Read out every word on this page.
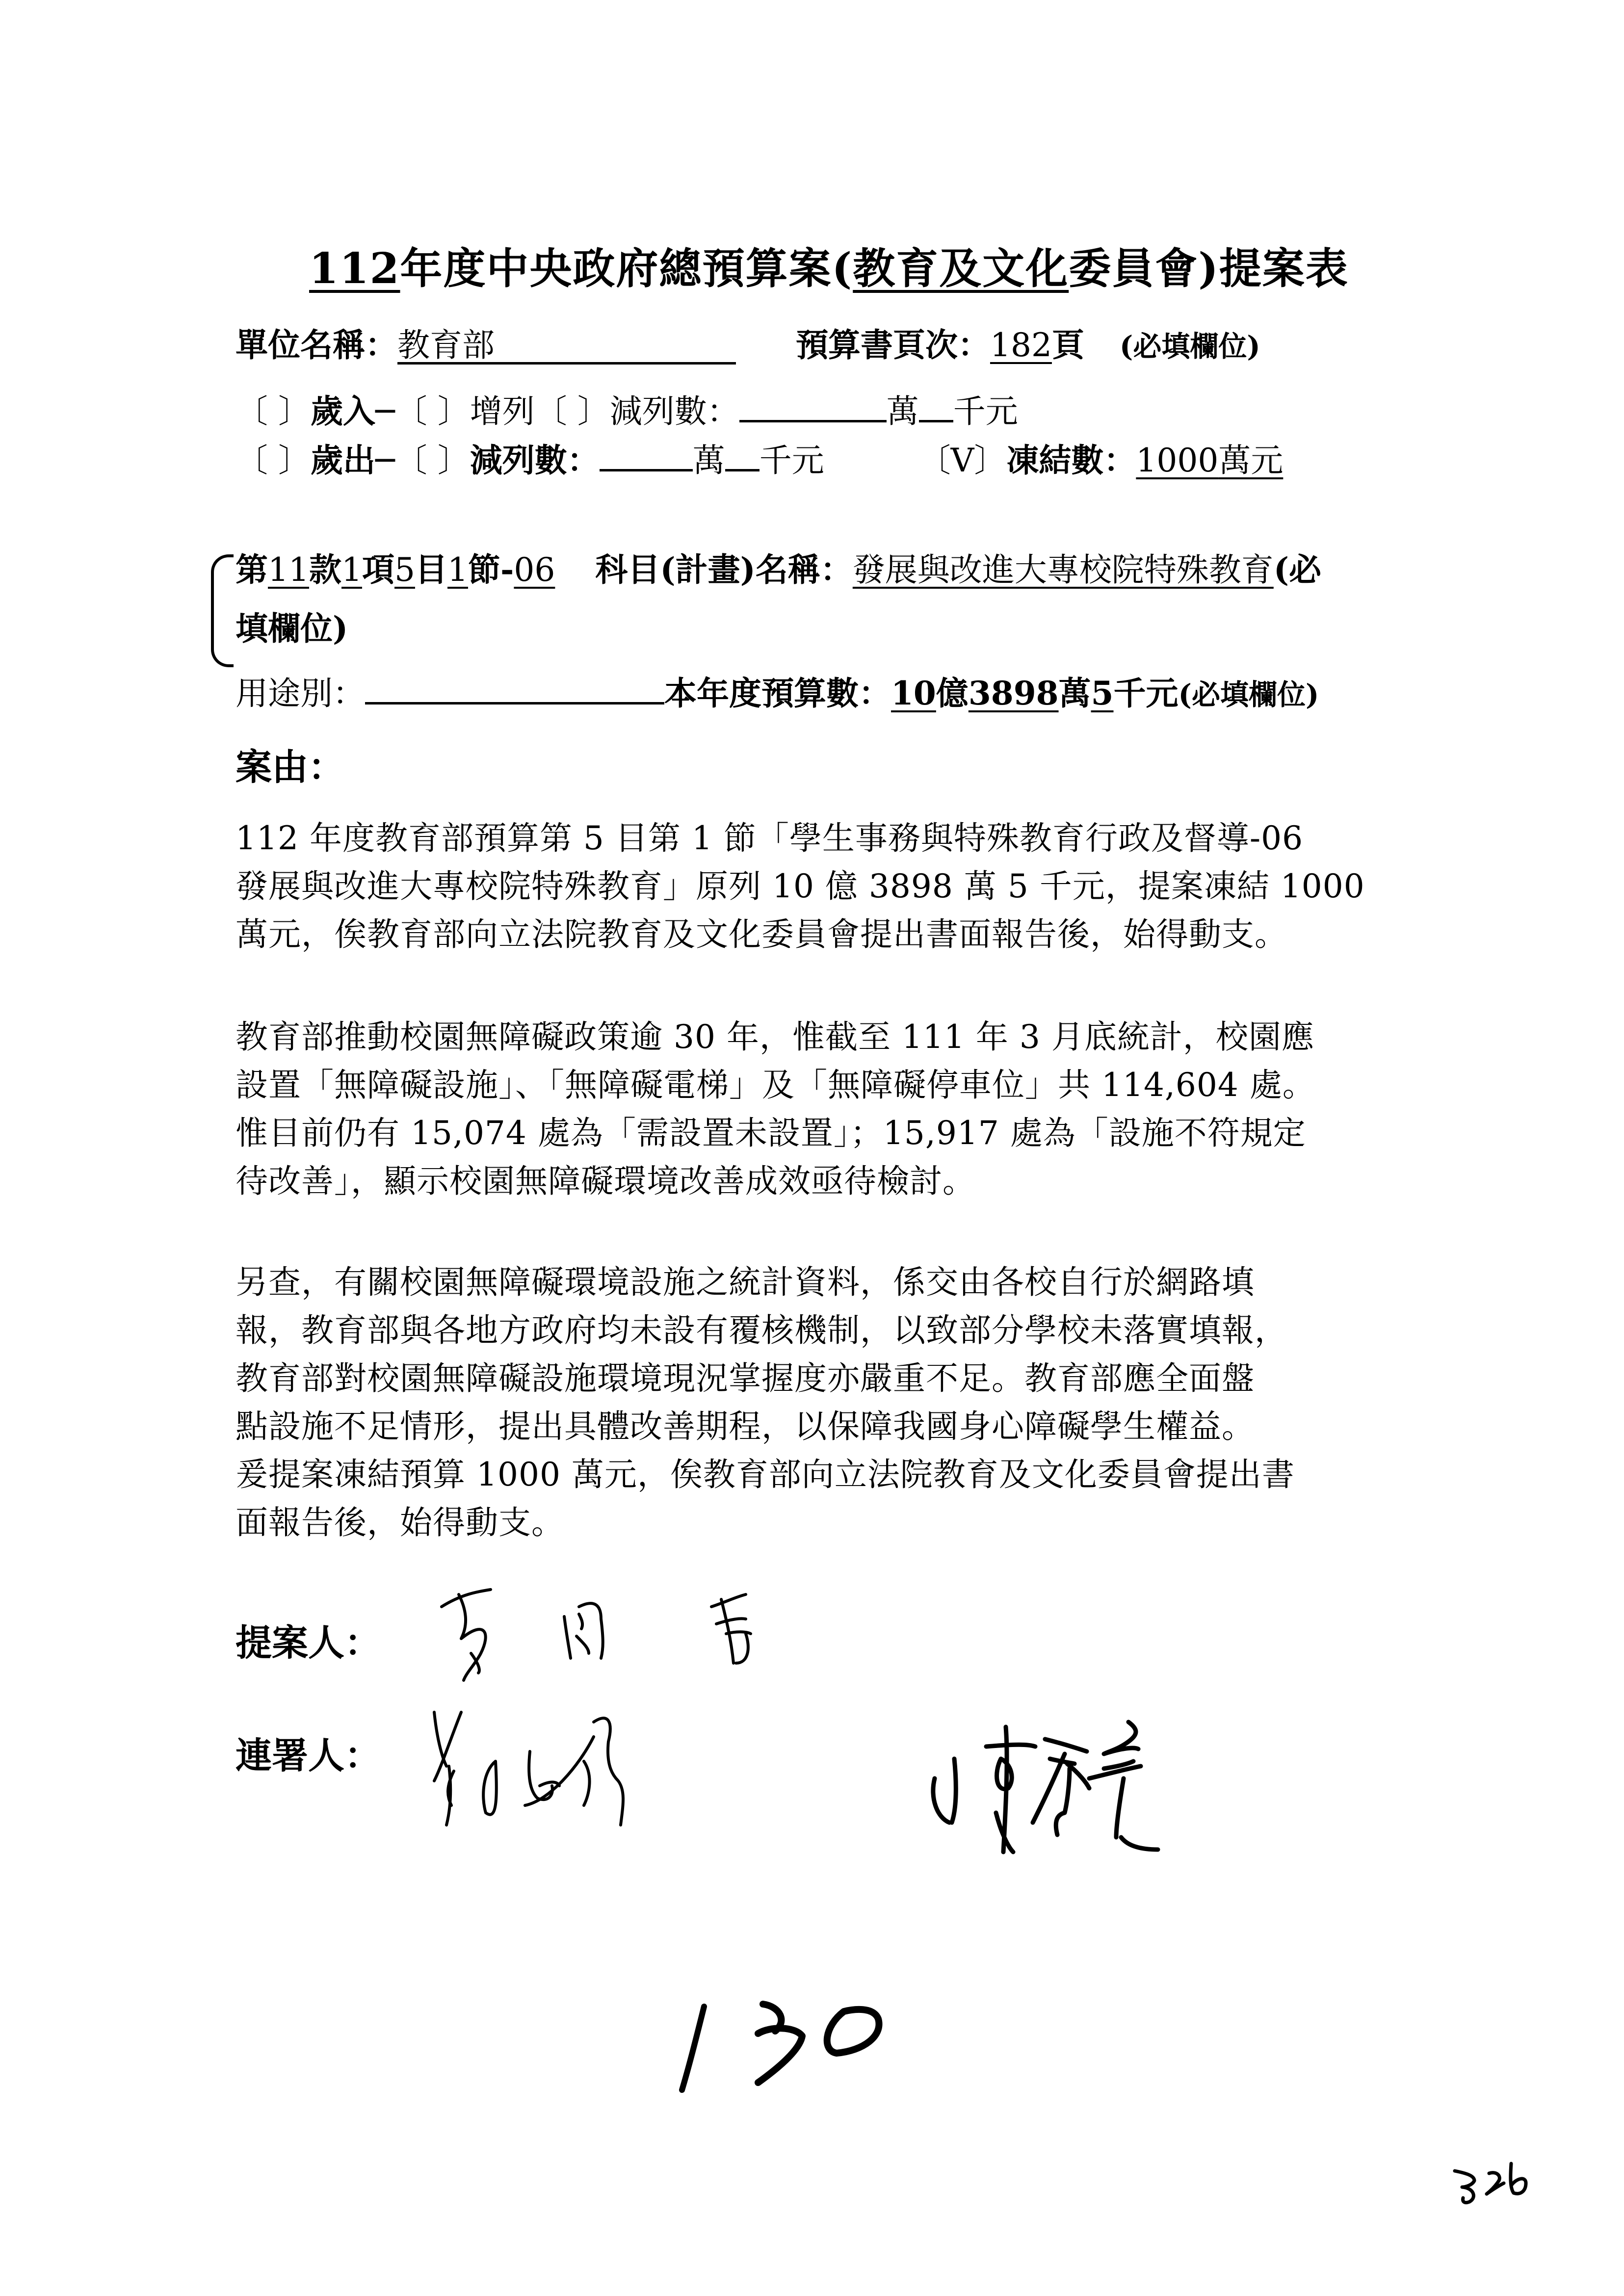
112年度中央政府總預算案(教育及文化委員會)提案表
單位名稱：教育部	預算書頁次：182頁 (必填欄位)
〔 〕歲入─〔 〕增列〔 〕減列數：	萬 千元
〔 〕歲出─〔 〕減列數：	萬 千元	〔V〕凍結數：1000萬元
第11款1項5目1節-06 科目(計畫)名稱：發展與改進大專校院特殊教育(必
填欄位)
用途別：	本年度預算數：10億3898萬5千元(必填欄位)
案由：
112 年度教育部預算第 5 目第 1 節「學生事務與特殊教育行政及督導-06
發展與改進大專校院特殊教育」原列 10 億 3898 萬 5 千元，提案凍結 1000
萬元，俟教育部向立法院教育及文化委員會提出書面報告後，始得動支。
教育部推動校園無障礙政策逾 30 年，惟截至 111 年 3 月底統計，校園應
設置「無障礙設施」、「無障礙電梯」及「無障礙停車位」共 114,604 處。
惟目前仍有 15,074 處為「需設置未設置」；15,917 處為「設施不符規定
待改善」，顯示校園無障礙環境改善成效亟待檢討。
另查，有關校園無障礙環境設施之統計資料，係交由各校自行於網路填
報，教育部與各地方政府均未設有覆核機制，以致部分學校未落實填報，
教育部對校園無障礙設施環境現況掌握度亦嚴重不足。教育部應全面盤
點設施不足情形，提出具體改善期程，以保障我國身心障礙學生權益。
爰提案凍結預算 1000 萬元，俟教育部向立法院教育及文化委員會提出書
面報告後，始得動支。
提案人：
連署人：
